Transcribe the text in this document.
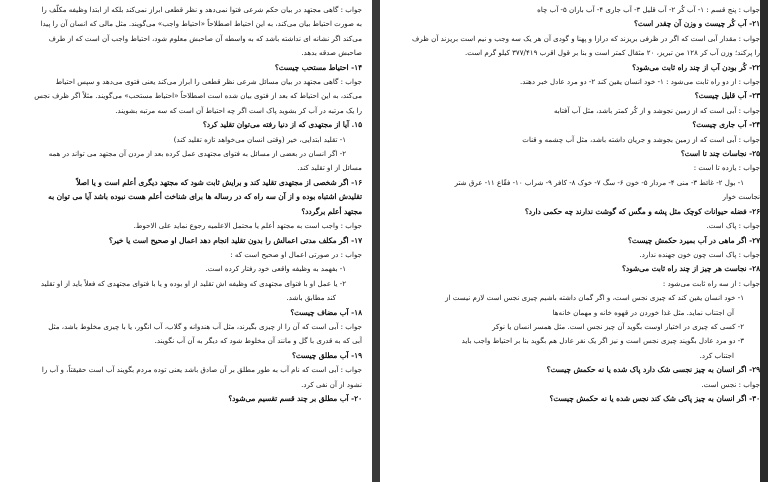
جواب : گاهی مجتهد در بیان حکم شرعی فتوا نمی‌دهد و نظر قطعی ابراز نمی‌کند بلکه از ابتدا وظیفه مکلّف را
به صورت احتیاط بیان می‌کند، به این احتیاط اصطلاحاً «احتیاط واجب» می‌گویند. مثل مالی که انسان آن را پیدا
می‌کند اگر نشانه ای نداشته باشد که به واسطه آن صاحبش معلوم شود، احتیاط واجب آن است که از طرف
صاحبش صدقه بدهد.
۱۴- احتیاط مستحب چیست؟
جواب : گاهی مجتهد در بیان مسائل شرعی نظر قطعی را ابراز می‌کند یعنی فتوی می‌دهد و سپس احتیاط
می‌کند، به این احتیاط که بعد از فتوی بیان شده است اصطلاحاً «احتیاط مستحب» می‌گویند. مثلاً اگر ظرف نجس
را یک مرتبه در آب کر بشوید پاک است اگر چه احتیاط آن است که سه مرتبه بشویند.
۱۵. آیا از مجتهدی که از دنیا رفته می‌توان تقلید کرد؟
۱- تقلید ابتدایی، خیر (وقتی انسان می‌خواهد تازه تقلید کند)
۲- اگر انسان در بعضی از مسائل به فتوای مجتهدی عمل کرده بعد از مردن آن مجتهد می تواند در همه
مسائل از او تقلید کند.
۱۶- اگر شخصی از مجتهدی تقلید کند و برایش ثابت شود که مجتهد دیگری أعلم است و یا اصلاً
تقلیدش اشتباه بوده و از آن سه راه که در رساله ها برای شناخت أعلم هست نبوده باشد آیا می توان به
مجتهد أعلم برگردد؟
جواب : واجب است به مجتهد أعلم یا محتمل الاعلمیه رجوع نماید علی الاحوط.
۱۷- اگر مکلف مدتی اعمالش را بدون تقلید انجام دهد اعمال او صحیح است یا خیر؟
جواب : در صورتی اعمال او صحیح است که :
۱- بفهمد به وظیفه واقعی خود رفتار کرده است.
۲- یا عمل او با فتوای مجتهدی که وظیفه اش تقلید از او بوده و یا با فتوای مجتهدی که فعلاً باید از او تقلید
کند مطابق باشد.
۱۸- آب مضاف چیست؟
جواب : آبی است که آن را از چیزی بگیرند، مثل آب هندوانه و گلاب، آب انگور، یا با چیزی مخلوط باشد، مثل
آبی که به قدری با گل و مانند آن مخلوط شود که دیگر به آن آب نگویند.
۱۹- آب مطلق چیست؟
جواب : آبی است که نام آب به طور مطلق بر آن صادق باشد یعنی توده مردم بگویند آب است حقیقتاً، و آب را
نشود از آن نفی کرد.
۲۰- آب مطلق بر چند قسم تقسیم می‌شود؟
جواب : پنج قسم : ۱- آب کُر ۲- آب قلیل ۳- آب جاری ۴- آب باران ۵- آب چاه
۲۱- آب کُر چیست و وزن آن چقدر است؟
جواب : مقدار آبی است که اگر در ظرفی بریزند که درازا و پهنا و گودی آن هر یک سه وجب و نیم است بریزند آن ظرف
را پرکند؛ وزن آب کر ۱۲۸ من تبریز، ۲۰ مثقال کمتر است و بنا بر قول اقرب ۳۷۷/۴۱۹ کیلو گرم است.
۲۲- کُر بودن آب از چند راه ثابت می‌شود؟
جواب : از دو راه ثابت می‌شود : ۱- خود انسان یقین کند ۲- دو مرد عادل خبر دهند.
۲۳- آب قلیل چیست؟
جواب : آبی است که از زمین نجوشد و از کُر کمتر باشد، مثل آب آفتابه
۲۴- آب جاری چیست؟
جواب : آبی است که از زمین بجوشد و جریان داشته باشد، مثل آب چشمه و قنات
۲۵- نجاسات چند تا است؟
جواب : یازده تا است :
۱- بول ۲- غائط ۳- منی ۴- مردار ۵- خون ۶- سگ ۷- خوک ۸- کافر ۹- شراب ۱۰- فقّاع ۱۱- عرق شتر
نجاست خوار
۲۶- فضله حیوانات کوچک مثل پشه و مگس که گوشت ندارند چه حکمی دارد؟
جواب : پاک است.
۲۷- اگر ماهی در آب بمیرد حکمش چیست؟
جواب : پاک است چون خون جهنده ندارد.
۲۸- نجاست هر چیز از چند راه ثابت می‌شود؟
جواب : از سه راه ثابت می‌شود :
۱- خود انسان یقین کند که چیزی نجس است، و اگر گمان داشته باشیم چیزی نجس است لازم نیست از
آن اجتناب نماید. مثل غذا خوردن در قهوه خانه و مهمان خانه‌ها
۲- کسی که چیزی در اختیار اوست بگوید آن چیز نجس است. مثل همسر انسان یا نوکر
۳- دو مرد عادل بگویند چیزی نجس است و نیز اگر یک نفر عادل هم بگوید بنا بر احتیاط واجب باید
اجتناب کرد.
۲۹- اگر انسان به چیز نجسی شک دارد پاک شده یا نه حکمش چیست؟
جواب : نجس است.
۳۰- اگر انسان به چیز پاکی شک کند نجس شده یا نه حکمش چیست؟
